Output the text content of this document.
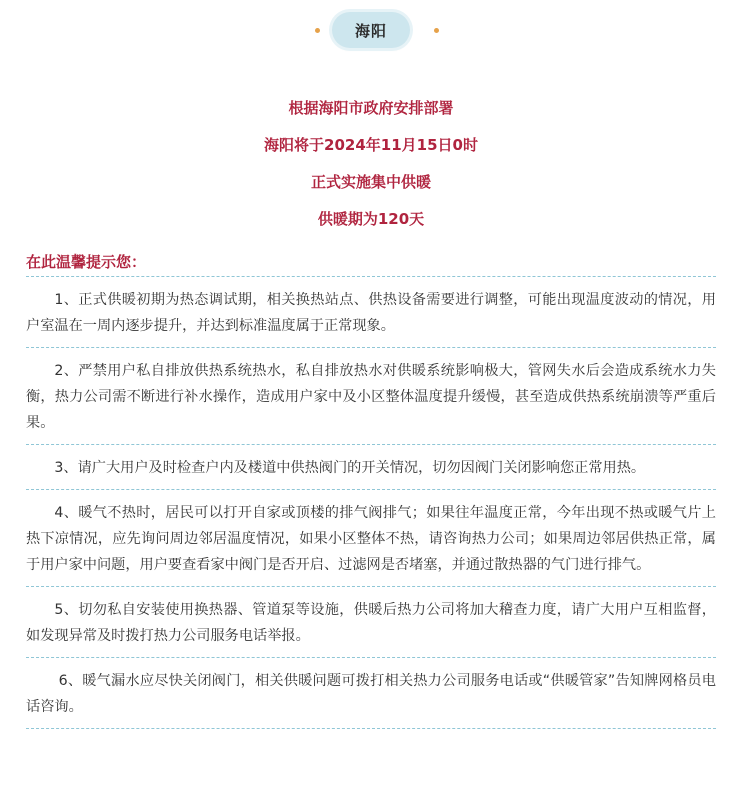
海阳
根据海阳市政府安排部署
海阳将于2024年11月15日0时
正式实施集中供暖
供暖期为120天
在此温馨提示您：
1、正式供暖初期为热态调试期，相关换热站点、供热设备需要进行调整，可能出现温度波动的情况，用户室温在一周内逐步提升，并达到标准温度属于正常现象。
2、严禁用户私自排放供热系统热水，私自排放热水对供暖系统影响极大，管网失水后会造成系统水力失衡，热力公司需不断进行补水操作，造成用户家中及小区整体温度提升缓慢，甚至造成供热系统崩溃等严重后果。
3、请广大用户及时检查户内及楼道中供热阀门的开关情况，切勿因阀门关闭影响您正常用热。
4、暖气不热时，居民可以打开自家或顶楼的排气阀排气；如果往年温度正常，今年出现不热或暖气片上热下凉情况，应先询问周边邻居温度情况，如果小区整体不热，请咨询热力公司；如果周边邻居供热正常，属于用户家中问题，用户要查看家中阀门是否开启、过滤网是否堵塞，并通过散热器的气门进行排气。
5、切勿私自安装使用换热器、管道泵等设施，供暖后热力公司将加大稽查力度，请广大用户互相监督，如发现异常及时拨打热力公司服务电话举报。
6、暖气漏水应尽快关闭阀门，相关供暖问题可拨打相关热力公司服务电话或“供暖管家”告知牌网格员电话咨询。
